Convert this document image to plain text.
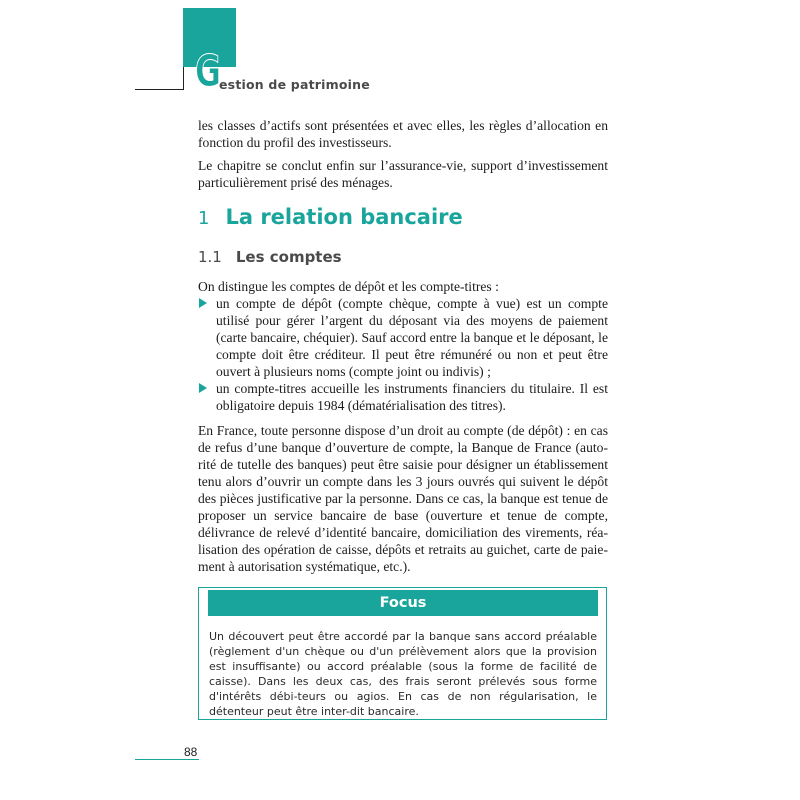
G
estion de patrimoine
les classes d’actifs sont présentées et avec elles, les règles d’allocation en fonction du profil des investisseurs.
Le chapitre se conclut enfin sur l’assurance-vie, support d’investissement particulièrement prisé des ménages.
1 La relation bancaire
1.1 Les comptes
On distingue les comptes de dépôt et les compte-titres :
un compte de dépôt (compte chèque, compte à vue) est un compte utilisé pour gérer l’argent du déposant via des moyens de paiement (carte bancaire, chéquier). Sauf accord entre la banque et le déposant, le compte doit être créditeur. Il peut être rémunéré ou non et peut être ouvert à plusieurs noms (compte joint ou indivis) ;
un compte-titres accueille les instruments financiers du titulaire. Il est obligatoire depuis 1984 (dématérialisation des titres).
En France, toute personne dispose d’un droit au compte (de dépôt) : en cas de refus d’une banque d’ouverture de compte, la Banque de France (auto-rité de tutelle des banques) peut être saisie pour désigner un établissement tenu alors d’ouvrir un compte dans les 3 jours ouvrés qui suivent le dépôt des pièces justificative par la personne. Dans ce cas, la banque est tenue de proposer un service bancaire de base (ouverture et tenue de compte, délivrance de relevé d’identité bancaire, domiciliation des virements, réa-lisation des opération de caisse, dépôts et retraits au guichet, carte de paie-ment à autorisation systématique, etc.).
Focus
Un découvert peut être accordé par la banque sans accord préalable (règlement d'un chèque ou d'un prélèvement alors que la provision est insuffisante) ou accord préalable (sous la forme de facilité de caisse). Dans les deux cas, des frais seront prélevés sous forme d'intérêts débi-teurs ou agios. En cas de non régularisation, le détenteur peut être inter-dit bancaire.
88
